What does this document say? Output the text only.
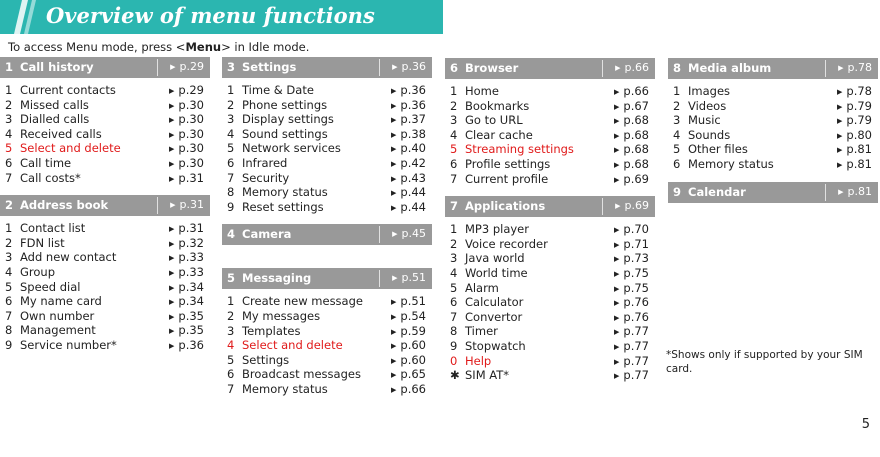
Overview of menu functions
To access Menu mode, press <Menu> in Idle mode.
1 Call history	▶ p.29
1 Current contacts	▶ p.29
2 Missed calls	▶ p.30
3 Dialled calls	▶ p.30
4 Received calls	▶ p.30
5 Select and delete	▶ p.30
6 Call time	▶ p.30
7 Call costs*	▶ p.31
2 Address book	▶ p.31
1 Contact list	▶ p.31
2 FDN list	▶ p.32
3 Add new contact	▶ p.33
4 Group	▶ p.33
5 Speed dial	▶ p.34
6 My name card	▶ p.34
7 Own number	▶ p.35
8 Management	▶ p.35
9 Service number*	▶ p.36
3 Settings	▶ p.36
1 Time & Date	▶ p.36
2 Phone settings	▶ p.36
3 Display settings	▶ p.37
4 Sound settings	▶ p.38
5 Network services	▶ p.40
6 Infrared	▶ p.42
7 Security	▶ p.43
8 Memory status	▶ p.44
9 Reset settings	▶ p.44
4 Camera	▶ p.45
5 Messaging	▶ p.51
1 Create new message	▶ p.51
2 My messages	▶ p.54
3 Templates	▶ p.59
4 Select and delete	▶ p.60
5 Settings	▶ p.60
6 Broadcast messages	▶ p.65
7 Memory status	▶ p.66
6 Browser	▶ p.66
1 Home	▶ p.66
2 Bookmarks	▶ p.67
3 Go to URL	▶ p.68
4 Clear cache	▶ p.68
5 Streaming settings	▶ p.68
6 Profile settings	▶ p.68
7 Current profile	▶ p.69
7 Applications	▶ p.69
1 MP3 player	▶ p.70
2 Voice recorder	▶ p.71
3 Java world	▶ p.73
4 World time	▶ p.75
5 Alarm	▶ p.75
6 Calculator	▶ p.76
7 Convertor	▶ p.76
8 Timer	▶ p.77
9 Stopwatch	▶ p.77
0 Help	▶ p.77
✱ SIM AT*	▶ p.77
8 Media album	▶ p.78
1 Images	▶ p.78
2 Videos	▶ p.79
3 Music	▶ p.79
4 Sounds	▶ p.80
5 Other files	▶ p.81
6 Memory status	▶ p.81
9 Calendar	▶ p.81
*Shows only if supported by your SIM card.
5
